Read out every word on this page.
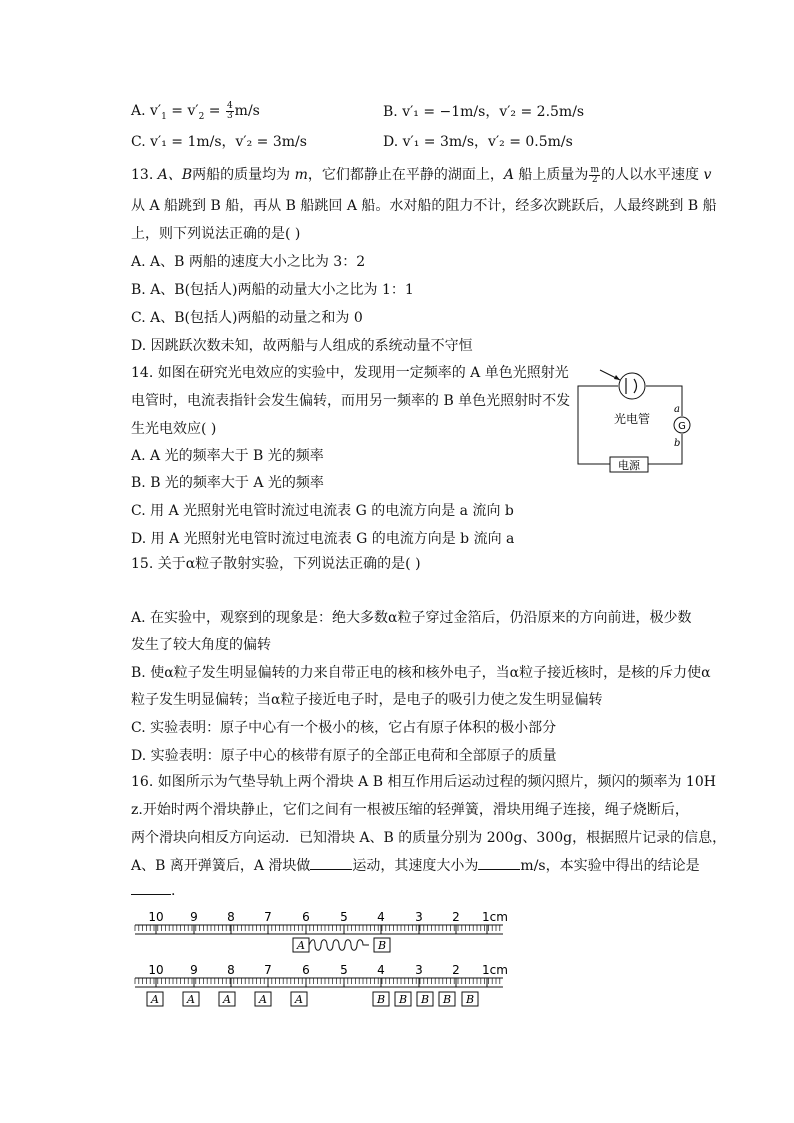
A. $v'_1 = v'_2 = \frac{4}{3} m/s$	B. v′₁ = −1m/s，v′₂ = 2.5m/s
C. v′₁ = 1m/s，v′₂ = 3m/s	D. v′₁ = 3m/s，v′₂ = 0.5m/s
13. A、B两船的质量均为 m，它们都静止在平静的湖面上，A 船上质量为 $\frac{m}{2}$ 的人以水平速度 v
从 A 船跳到 B 船，再从 B 船跳回 A 船。水对船的阻力不计，经多次跳跃后，人最终跳到 B 船
上，则下列说法正确的是( )
A. A、B 两船的速度大小之比为 3：2
B. A、B(包括人)两船的动量大小之比为 1：1
C. A、B(包括人)两船的动量之和为 0
D. 因跳跃次数未知，故两船与人组成的系统动量不守恒
14. 如图在研究光电效应的实验中，发现用一定频率的 A 单色光照射光
电管时，电流表指针会发生偏转，而用另一频率的 B 单色光照射时不发
生光电效应( )
A. A 光的频率大于 B 光的频率
B. B 光的频率大于 A 光的频率
C. 用 A 光照射光电管时流过电流表 G 的电流方向是 a 流向 b
D. 用 A 光照射光电管时流过电流表 G 的电流方向是 b 流向 a
G
a
b
光电管
电源
15. 关于α粒子散射实验，下列说法正确的是( )
A. 在实验中，观察到的现象是：绝大多数α粒子穿过金箔后，仍沿原来的方向前进，极少数
发生了较大角度的偏转
B. 使α粒子发生明显偏转的力来自带正电的核和核外电子，当α粒子接近核时，是核的斥力使α
粒子发生明显偏转；当α粒子接近电子时，是电子的吸引力使之发生明显偏转
C. 实验表明：原子中心有一个极小的核，它占有原子体积的极小部分
D. 实验表明：原子中心的核带有原子的全部正电荷和全部原子的质量
16. 如图所示为气垫导轨上两个滑块 A B 相互作用后运动过程的频闪照片，频闪的频率为 10H
z.开始时两个滑块静止，它们之间有一根被压缩的轻弹簧，滑块用绳子连接，绳子烧断后，
两个滑块向相反方向运动．已知滑块 A、B 的质量分别为 200g、300g，根据照片记录的信息，
A、B 离开弹簧后，A 滑块做	运动，其速度大小为	m/s，本实验中得出的结论是
.
10 9 8 7	6	5 4	3 2 1cm
10 9 8 7	6	5 4	3 2 1cm
A	B
A	A	A	A	A	B B B B B
